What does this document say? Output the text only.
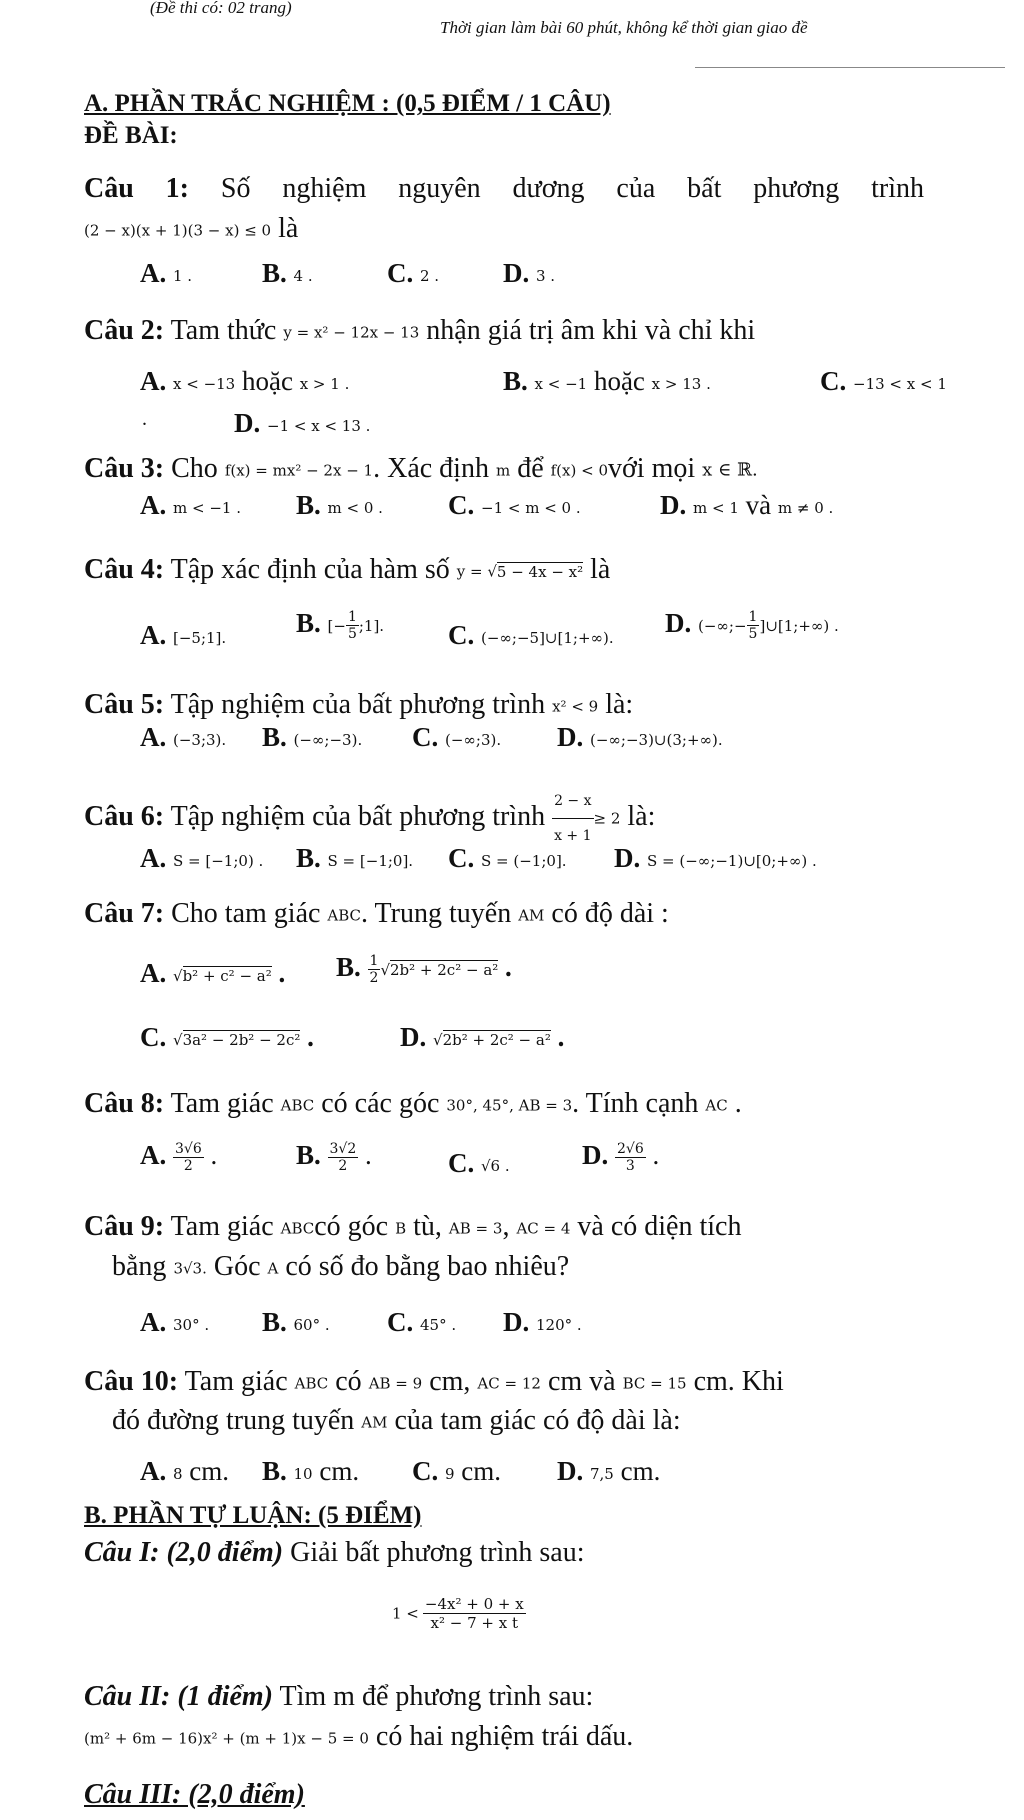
(Đề thi có: 02 trang)
Thời gian làm bài 60 phút, không kể thời gian giao đề
A. PHẦN TRẮC NGHIỆM : (0,5 ĐIỂM / 1 CÂU)
ĐỀ BÀI:
Câu 1: Số nghiệm nguyên dương của bất phương trình
(2 − x)(x + 1)(3 − x) ≤ 0 là
A. 1 .	B. 4 .	C. 2 . D. 3 .
Câu 2: Tam thức y = x² − 12x − 13 nhận giá trị âm khi và chỉ khi
A. x < −13 hoặc x > 1 .	B. x < −1 hoặc x > 13 .	C. −13 < x < 1
.	D. −1 < x < 13 .
Câu 3: Cho f(x) = mx² − 2x − 1. Xác định m để f(x) < 0với mọi x ∈ ℝ.
A. m < −1 . B. m < 0 . C. −1 < m < 0 .	D. m < 1 và m ≠ 0 .
Câu 4: Tập xác định của hàm số y = √5 − 4x − x² là
A. [−5;1].	B. [− $\frac{1}{5}$ ;1]. C. (−∞;−5]∪[1;+∞). D. (−∞;− $\frac{1}{5}$ ]∪[1;+∞) .
Câu 5: Tập nghiệm của bất phương trình x² < 9 là:
A. (−3;3). B. (−∞;−3). C. (−∞;3). D. (−∞;−3)∪(3;+∞).
Câu 6: Tập nghiệm của bất phương trình $\frac{2 - x}{x + 1} \ge 2$ là:
A. S = [−1;0) . B. S = [−1;0]. C. S = (−1;0]. D. S = (−∞;−1)∪[0;+∞) .
Câu 7: Cho tam giác ABC. Trung tuyến AM có độ dài :
A. √b² + c² − a² . B. $\frac{1}{2} √2b^2 + 2c^2 - a^2$ .
C. √3a² − 2b² − 2c² .	D. √2b² + 2c² − a² .
Câu 8: Tam giác ABC có các góc 30°, 45°, AB = 3. Tính cạnh AC .
A. $\frac{3√6}{2}$ .	B. $\frac{3√2}{2}$ .	C. √6 .	D. $\frac{2√6}{3}$ .
Câu 9: Tam giác ABCcó góc B tù, AB = 3, AC = 4 và có diện tích
bằng 3√3. Góc A có số đo bằng bao nhiêu?
A. 30° . B. 60° . C. 45° . D. 120° .
Câu 10: Tam giác ABC có AB = 9 cm, AC = 12 cm và BC = 15 cm. Khi
đó đường trung tuyến AM của tam giác có độ dài là:
A. 8 cm. B. 10 cm. C. 9 cm. D. 7,5 cm.
B. PHẦN TỰ LUẬN: (5 ĐIỂM)
Câu I: (2,0 điểm) Giải bất phương trình sau:
$1 < \frac{\text{−4x² + 0 + x}}{\text{x² − 7 + x t}}$
Câu II: (1 điểm) Tìm m để phương trình sau:
(m² + 6m − 16)x² + (m + 1)x − 5 = 0 có hai nghiệm trái dấu.
Câu III: (2,0 điểm)
